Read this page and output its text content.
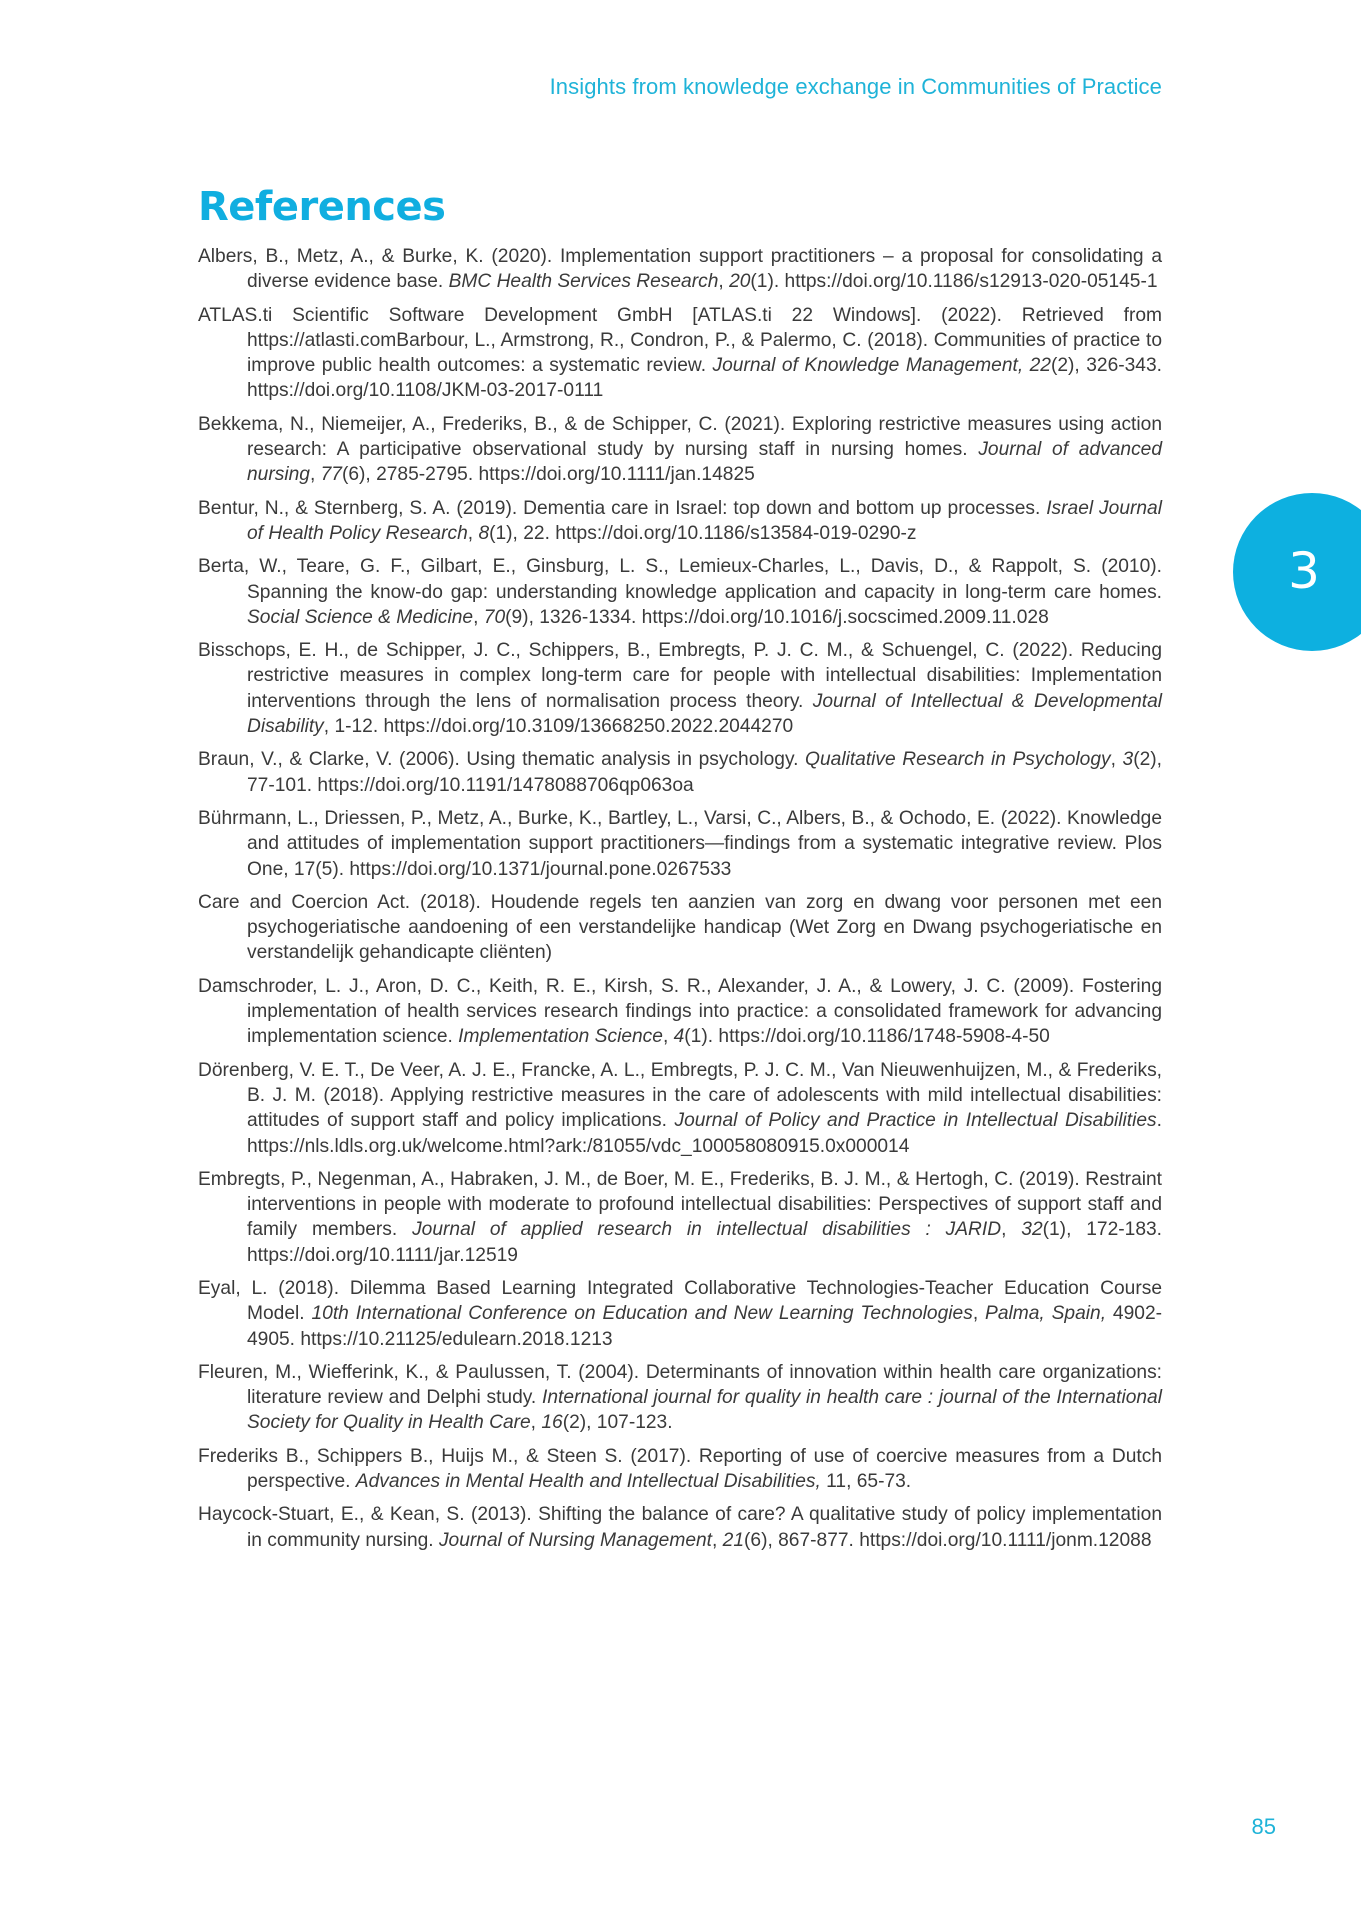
Insights from knowledge exchange in Communities of Practice
References
Albers, B., Metz, A., & Burke, K. (2020). Implementation support practitioners – a proposal for consolidating a diverse evidence base. BMC Health Services Research, 20(1). https://doi.org/10.1186/s12913-020-05145-1
ATLAS.ti Scientific Software Development GmbH [ATLAS.ti 22 Windows]. (2022). Retrieved from https://atlasti.comBarbour, L., Armstrong, R., Condron, P., & Palermo, C. (2018). Communities of practice to improve public health outcomes: a systematic review. Journal of Knowledge Management, 22(2), 326-343. https://doi.org/10.1108/JKM-03-2017-0111
Bekkema, N., Niemeijer, A., Frederiks, B., & de Schipper, C. (2021). Exploring restrictive measures using action research: A participative observational study by nursing staff in nursing homes. Journal of advanced nursing, 77(6), 2785-2795. https://doi.org/10.1111/jan.14825
Bentur, N., & Sternberg, S. A. (2019). Dementia care in Israel: top down and bottom up processes. Israel Journal of Health Policy Research, 8(1), 22. https://doi.org/10.1186/s13584-019-0290-z
Berta, W., Teare, G. F., Gilbart, E., Ginsburg, L. S., Lemieux-Charles, L., Davis, D., & Rappolt, S. (2010). Spanning the know-do gap: understanding knowledge application and capacity in long-term care homes. Social Science & Medicine, 70(9), 1326-1334. https://doi.org/10.1016/j.socscimed.2009.11.028
Bisschops, E. H., de Schipper, J. C., Schippers, B., Embregts, P. J. C. M., & Schuengel, C. (2022). Reducing restrictive measures in complex long-term care for people with intellectual disabilities: Implementation interventions through the lens of normalisation process theory. Journal of Intellectual & Developmental Disability, 1-12. https://doi.org/10.3109/13668250.2022.2044270
Braun, V., & Clarke, V. (2006). Using thematic analysis in psychology. Qualitative Research in Psychology, 3(2), 77-101. https://doi.org/10.1191/1478088706qp063oa
Bührmann, L., Driessen, P., Metz, A., Burke, K., Bartley, L., Varsi, C., Albers, B., & Ochodo, E. (2022). Knowledge and attitudes of implementation support practitioners—findings from a systematic integrative review. Plos One, 17(5). https://doi.org/10.1371/journal.pone.0267533
Care and Coercion Act. (2018). Houdende regels ten aanzien van zorg en dwang voor personen met een psychogeriatische aandoening of een verstandelijke handicap (Wet Zorg en Dwang psychogeriatische en verstandelijk gehandicapte cliënten)
Damschroder, L. J., Aron, D. C., Keith, R. E., Kirsh, S. R., Alexander, J. A., & Lowery, J. C. (2009). Fostering implementation of health services research findings into practice: a consolidated framework for advancing implementation science. Implementation Science, 4(1). https://doi.org/10.1186/1748-5908-4-50
Dörenberg, V. E. T., De Veer, A. J. E., Francke, A. L., Embregts, P. J. C. M., Van Nieuwenhuijzen, M., & Frederiks, B. J. M. (2018). Applying restrictive measures in the care of adolescents with mild intellectual disabilities: attitudes of support staff and policy implications. Journal of Policy and Practice in Intellectual Disabilities. https://nls.ldls.org.uk/welcome.html?ark:/81055/vdc_100058080915.0x000014
Embregts, P., Negenman, A., Habraken, J. M., de Boer, M. E., Frederiks, B. J. M., & Hertogh, C. (2019). Restraint interventions in people with moderate to profound intellectual disabilities: Perspectives of support staff and family members. Journal of applied research in intellectual disabilities : JARID, 32(1), 172-183. https://doi.org/10.1111/jar.12519
Eyal, L. (2018). Dilemma Based Learning Integrated Collaborative Technologies-Teacher Education Course Model. 10th International Conference on Education and New Learning Technologies, Palma, Spain, 4902-4905. https://10.21125/edulearn.2018.1213
Fleuren, M., Wiefferink, K., & Paulussen, T. (2004). Determinants of innovation within health care organizations: literature review and Delphi study. International journal for quality in health care : journal of the International Society for Quality in Health Care, 16(2), 107-123.
Frederiks B., Schippers B., Huijs M., & Steen S. (2017). Reporting of use of coercive measures from a Dutch perspective. Advances in Mental Health and Intellectual Disabilities, 11, 65-73.
Haycock-Stuart, E., & Kean, S. (2013). Shifting the balance of care? A qualitative study of policy implementation in community nursing. Journal of Nursing Management, 21(6), 867-877. https://doi.org/10.1111/jonm.12088
3
85
